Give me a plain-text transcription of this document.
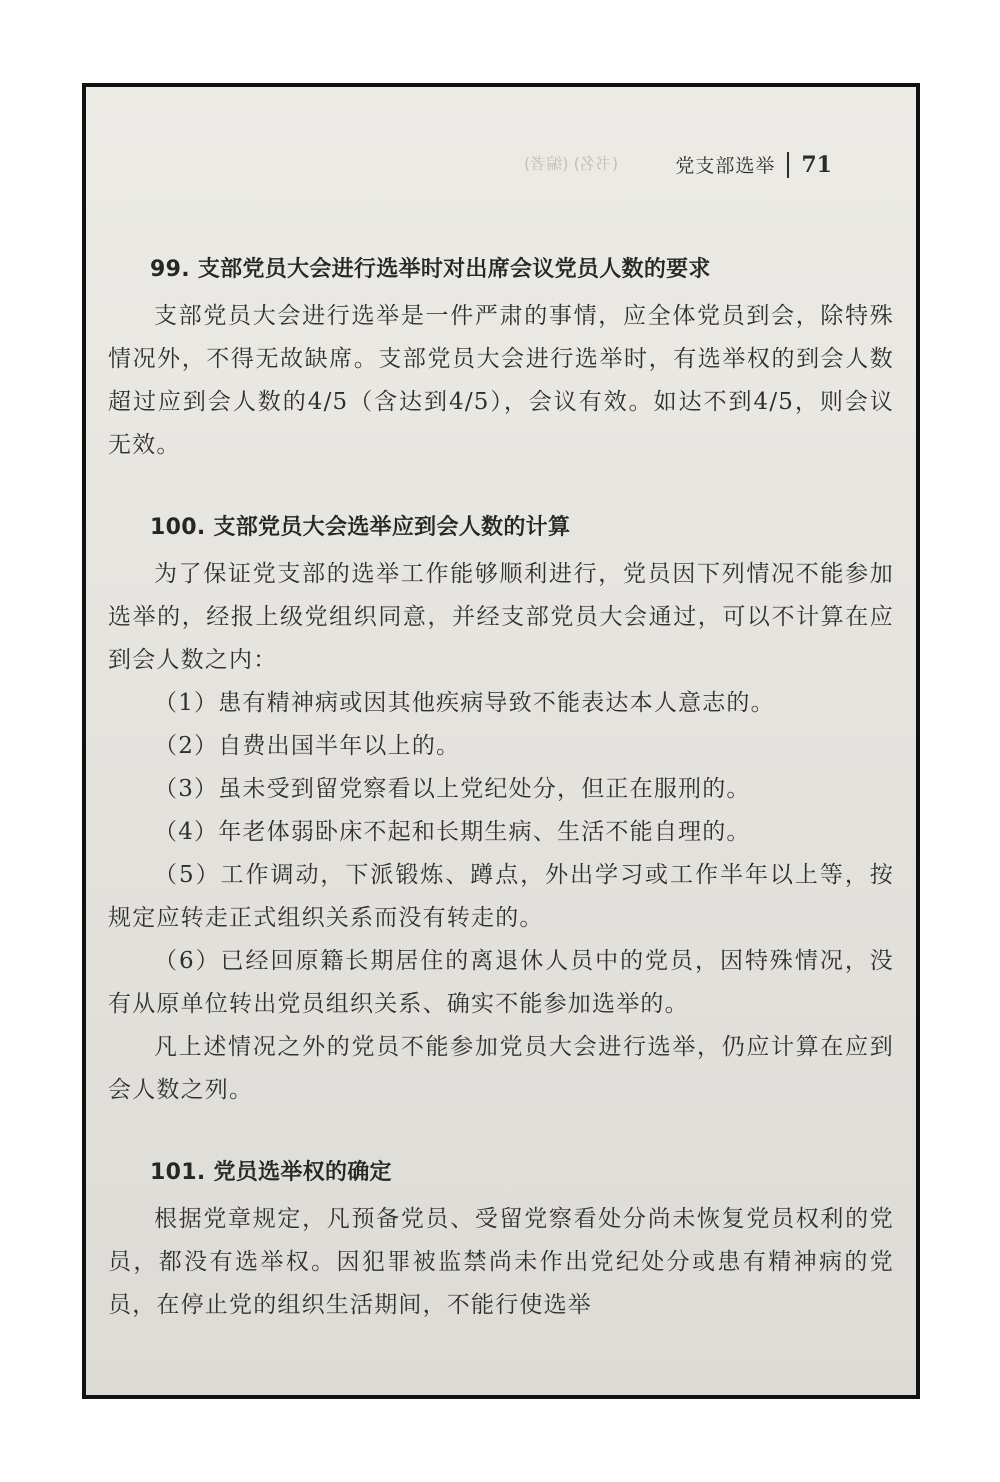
(书名) (编者)	党支部选举 71
99. 支部党员大会进行选举时对出席会议党员人数的要求

支部党员大会进行选举是一件严肃的事情，应全体党员到会，除特殊情况外，不得无故缺席。支部党员大会进行选举时，有选举权的到会人数超过应到会人数的4/5（含达到4/5），会议有效。如达不到4/5，则会议无效。

100. 支部党员大会选举应到会人数的计算

为了保证党支部的选举工作能够顺利进行，党员因下列情况不能参加选举的，经报上级党组织同意，并经支部党员大会通过，可以不计算在应到会人数之内：

（1）患有精神病或因其他疾病导致不能表达本人意志的。

（2）自费出国半年以上的。

（3）虽未受到留党察看以上党纪处分，但正在服刑的。

（4）年老体弱卧床不起和长期生病、生活不能自理的。

（5）工作调动，下派锻炼、蹲点，外出学习或工作半年以上等，按规定应转走正式组织关系而没有转走的。

（6）已经回原籍长期居住的离退休人员中的党员，因特殊情况，没有从原单位转出党员组织关系、确实不能参加选举的。

凡上述情况之外的党员不能参加党员大会进行选举，仍应计算在应到会人数之列。

101. 党员选举权的确定

根据党章规定，凡预备党员、受留党察看处分尚未恢复党员权利的党员，都没有选举权。因犯罪被监禁尚未作出党纪处分或患有精神病的党员，在停止党的组织生活期间，不能行使选举
